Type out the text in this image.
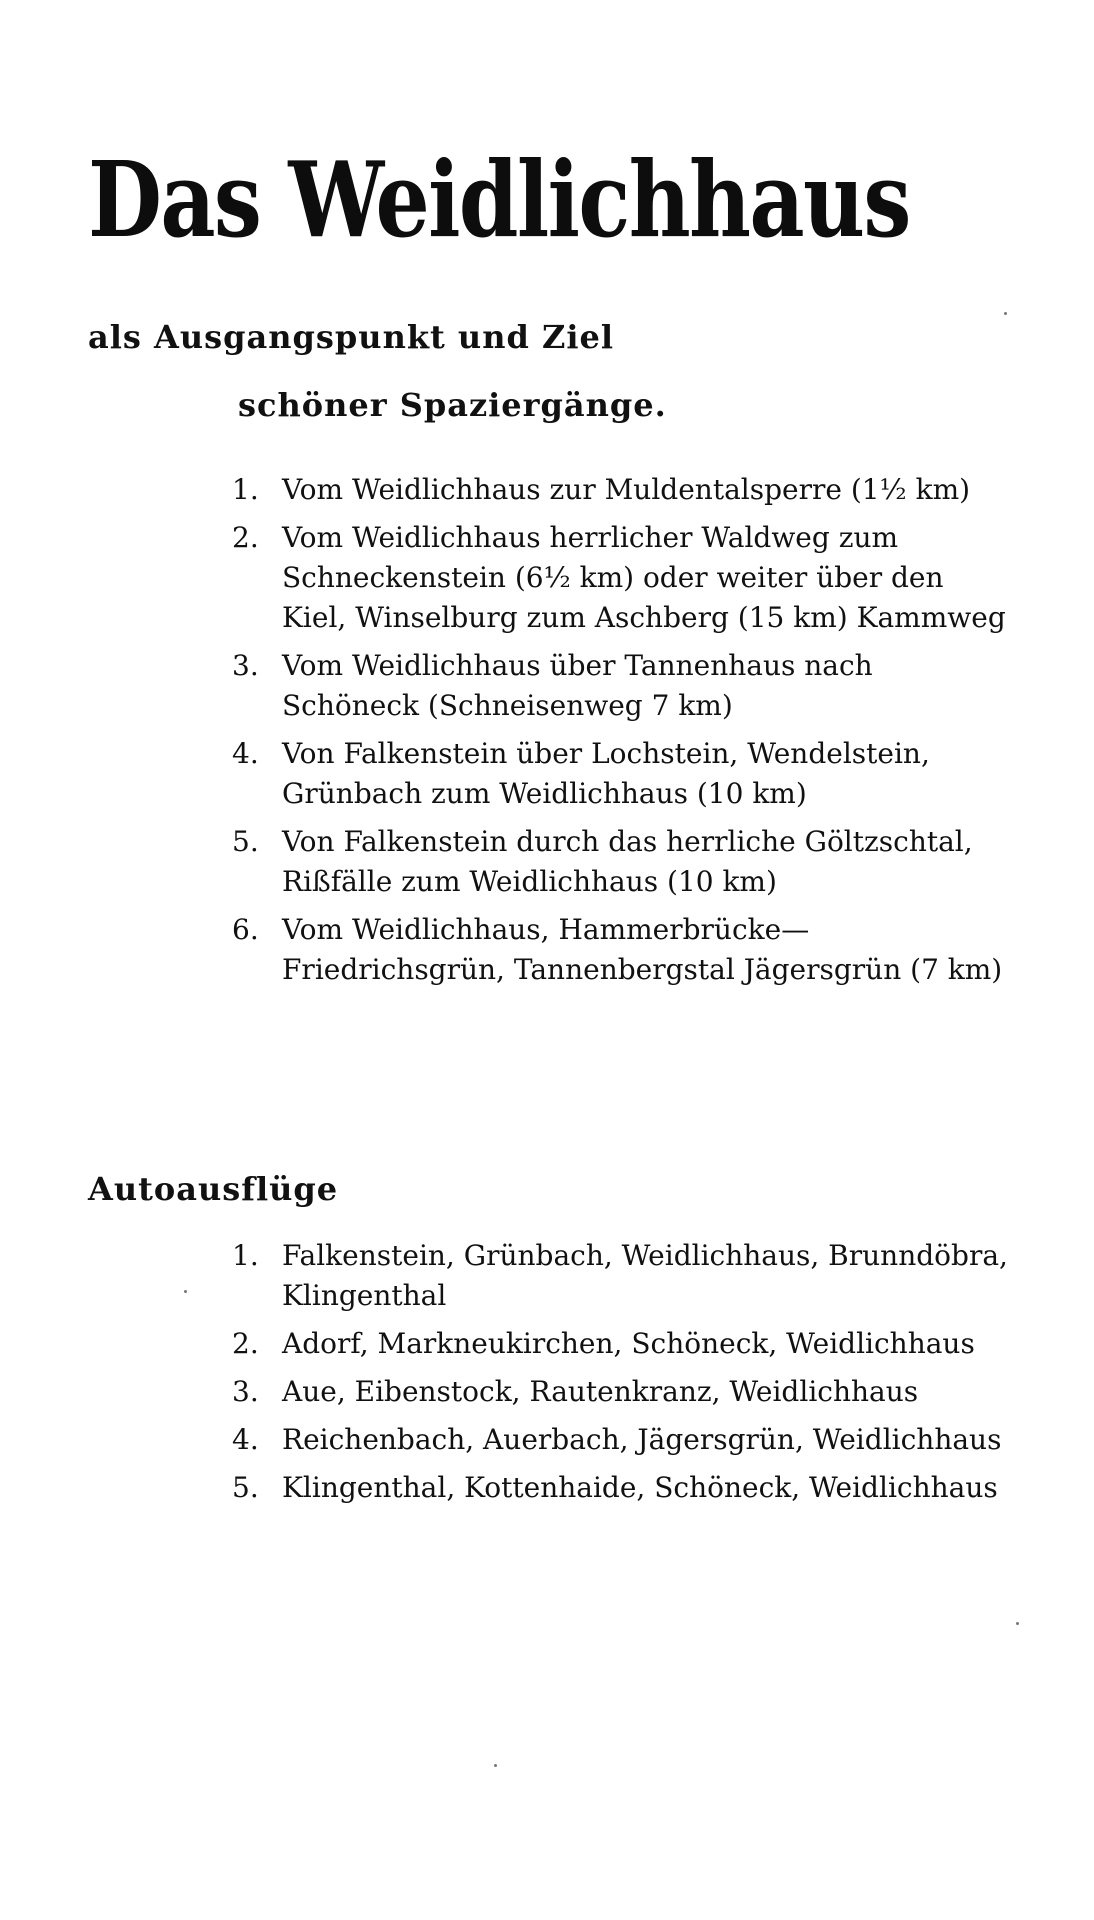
Das Weidlichhaus
als Ausgangspunkt und Ziel
schöner Spaziergänge.
1. Vom Weidlichhaus zur Muldentalsperre (1½ km)
2. Vom Weidlichhaus herrlicher Waldweg zum Schneckenstein (6½ km) oder weiter über den Kiel, Winselburg zum Aschberg (15 km) Kammweg
3. Vom Weidlichhaus über Tannenhaus nach Schöneck (Schneisenweg 7 km)
4. Von Falkenstein über Lochstein, Wendelstein, Grünbach zum Weidlichhaus (10 km)
5. Von Falkenstein durch das herrliche Göltzschtal, Rißfälle zum Weidlichhaus (10 km)
6. Vom Weidlichhaus, Hammerbrücke—Friedrichsgrün, Tannenbergstal Jägersgrün (7 km)
Autoausflüge
1. Falkenstein, Grünbach, Weidlichhaus, Brunndöbra, Klingenthal
2. Adorf, Markneukirchen, Schöneck, Weidlichhaus
3. Aue, Eibenstock, Rautenkranz, Weidlichhaus
4. Reichenbach, Auerbach, Jägersgrün, Weidlichhaus
5. Klingenthal, Kottenhaide, Schöneck, Weidlichhaus
